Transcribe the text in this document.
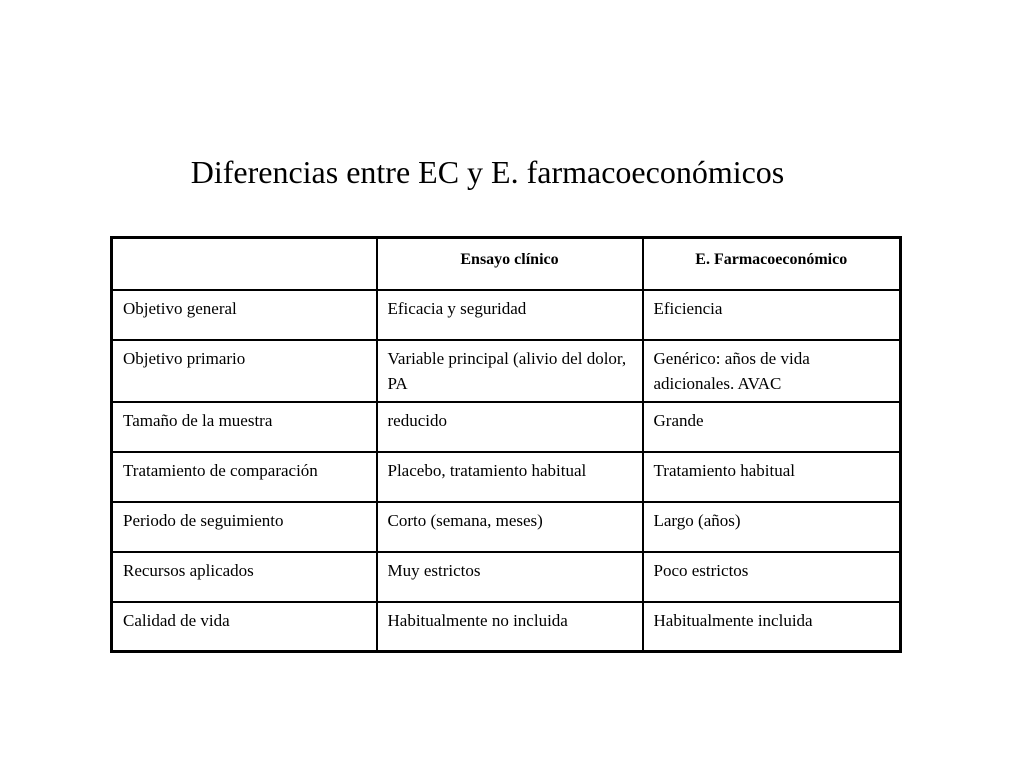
Diferencias entre EC y E. farmacoeconómicos
	Ensayo clínico	E. Farmacoeconómico
Objetivo general	Eficacia y seguridad	Eficiencia
Objetivo primario	Variable principal (alivio del dolor, PA	Genérico: años de vida adicionales. AVAC
Tamaño de la muestra	reducido	Grande
Tratamiento de comparación	Placebo, tratamiento habitual	Tratamiento habitual
Periodo de seguimiento	Corto (semana, meses)	Largo (años)
Recursos aplicados	Muy estrictos	Poco estrictos
Calidad de vida	Habitualmente no incluida	Habitualmente incluida
